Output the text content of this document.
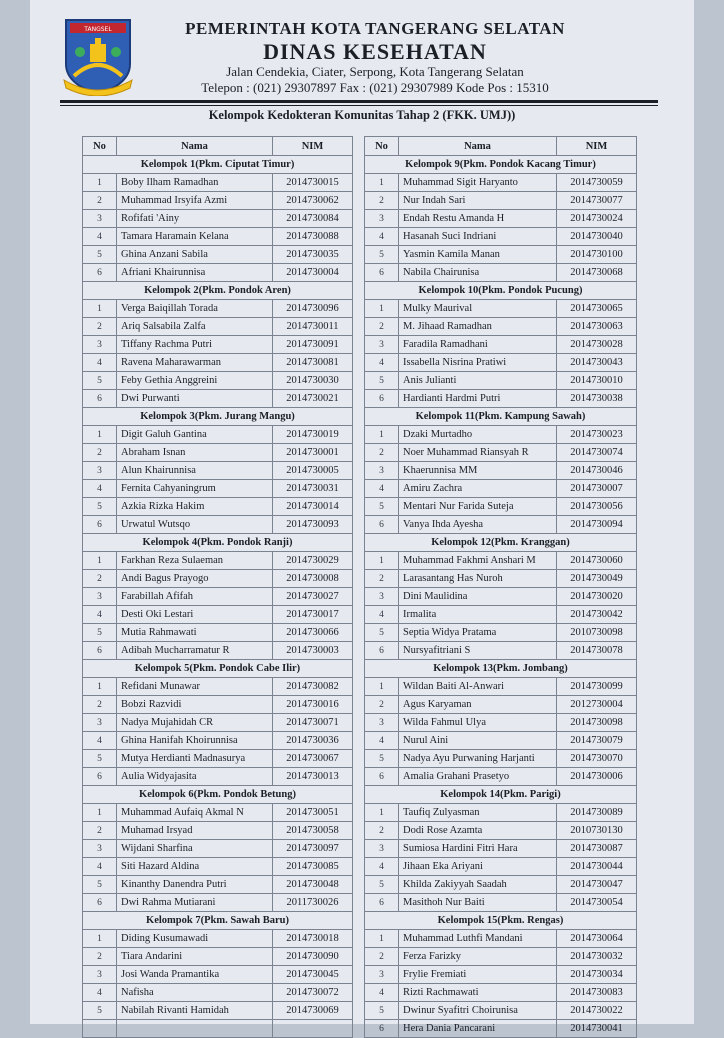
TANGSEL	PEMERINTAH KOTA TANGERANG SELATAN
DINAS KESEHATAN
Jalan Cendekia, Ciater, Serpong, Kota Tangerang Selatan
Telepon : (021) 29307897 Fax : (021) 29307989 Kode Pos : 15310
Kelompok Kedokteran Komunitas Tahap 2 (FKK. UMJ))
No	Nama	NIM
Kelompok 1(Pkm. Ciputat Timur)		
1	Boby Ilham Ramadhan	2014730015
2	Muhammad Irsyifa Azmi	2014730062
3	Rofifati 'Ainy	2014730084
4	Tamara Haramain Kelana	2014730088
5	Ghina Anzani Sabila	2014730035
6	Afriani Khairunnisa	2014730004
Kelompok 2(Pkm. Pondok Aren)		
1	Verga Baiqillah Torada	2014730096
2	Ariq Salsabila Zalfa	2014730011
3	Tiffany Rachma Putri	2014730091
4	Ravena Maharawarman	2014730081
5	Feby Gethia Anggreini	2014730030
6	Dwi Purwanti	2014730021
Kelompok 3(Pkm. Jurang Mangu)		
1	Digit Galuh Gantina	2014730019
2	Abraham Isnan	2014730001
3	Alun Khairunnisa	2014730005
4	Fernita Cahyaningrum	2014730031
5	Azkia Rizka Hakim	2014730014
6	Urwatul Wutsqo	2014730093
Kelompok 4(Pkm. Pondok Ranji)		
1	Farkhan Reza Sulaeman	2014730029
2	Andi Bagus Prayogo	2014730008
3	Farabillah Afifah	2014730027
4	Desti Oki Lestari	2014730017
5	Mutia Rahmawati	2014730066
6	Adibah Mucharramatur R	2014730003
Kelompok 5(Pkm. Pondok Cabe Ilir)		
1	Refidani Munawar	2014730082
2	Bobzi Razvidi	2014730016
3	Nadya Mujahidah CR	2014730071
4	Ghina Hanifah Khoirunnisa	2014730036
5	Mutya Herdianti Madnasurya	2014730067
6	Aulia Widyajasita	2014730013
Kelompok 6(Pkm. Pondok Betung)		
1	Muhammad Aufaiq Akmal N	2014730051
2	Muhamad Irsyad	2014730058
3	Wijdani Sharfina	2014730097
4	Siti Hazard Aldina	2014730085
5	Kinanthy Danendra Putri	2014730048
6	Dwi Rahma Mutiarani	2011730026
Kelompok 7(Pkm. Sawah Baru)		
1	Diding Kusumawadi	2014730018
2	Tiara Andarini	2014730090
3	Josi Wanda Pramantika	2014730045
4	Nafisha	2014730072
5	Nabilah Rivanti Hamidah	2014730069

No	Nama	NIM
Kelompok 9(Pkm. Pondok Kacang Timur)		
1	Muhammad Sigit Haryanto	2014730059
2	Nur Indah Sari	2014730077
3	Endah Restu Amanda H	2014730024
4	Hasanah Suci Indriani	2014730040
5	Yasmin Kamila Manan	2014730100
6	Nabila Chairunisa	2014730068
Kelompok 10(Pkm. Pondok Pucung)		
1	Mulky Maurival	2014730065
2	M. Jihaad Ramadhan	2014730063
3	Faradila Ramadhani	2014730028
4	Issabella Nisrina Pratiwi	2014730043
5	Anis Julianti	2014730010
6	Hardianti Hardmi Putri	2014730038
Kelompok 11(Pkm. Kampung Sawah)		
1	Dzaki Murtadho	2014730023
2	Noer Muhammad Riansyah R	2014730074
3	Khaerunnisa MM	2014730046
4	Amiru Zachra	2014730007
5	Mentari Nur Farida Suteja	2014730056
6	Vanya Ihda Ayesha	2014730094
Kelompok 12(Pkm. Kranggan)		
1	Muhammad Fakhmi Anshari M	2014730060
2	Larasantang Has Nuroh	2014730049
3	Dini Maulidina	2014730020
4	Irmalita	2014730042
5	Septia Widya Pratama	2010730098
6	Nursyafitriani S	2014730078
Kelompok 13(Pkm. Jombang)		
1	Wildan Baiti Al-Anwari	2014730099
2	Agus Karyaman	2012730004
3	Wilda Fahmul Ulya	2014730098
4	Nurul Aini	2014730079
5	Nadya Ayu Purwaning Harjanti	2014730070
6	Amalia Grahani Prasetyo	2014730006
Kelompok 14(Pkm. Parigi)		
1	Taufiq Zulyasman	2014730089
2	Dodi Rose Azamta	2010730130
3	Sumiosa Hardini Fitri Hara	2014730087
4	Jihaan Eka Ariyani	2014730044
5	Khilda Zakiyyah Saadah	2014730047
6	Masithoh Nur Baiti	2014730054
Kelompok 15(Pkm. Rengas)		
1	Muhammad Luthfi Mandani	2014730064
2	Ferza Farizky	2014730032
3	Frylie Fremiati	2014730034
4	Rizti Rachmawati	2014730083
5	Dwinur Syafitri Choirunisa	2014730022
6	Hera Dania Pancarani	2014730041
